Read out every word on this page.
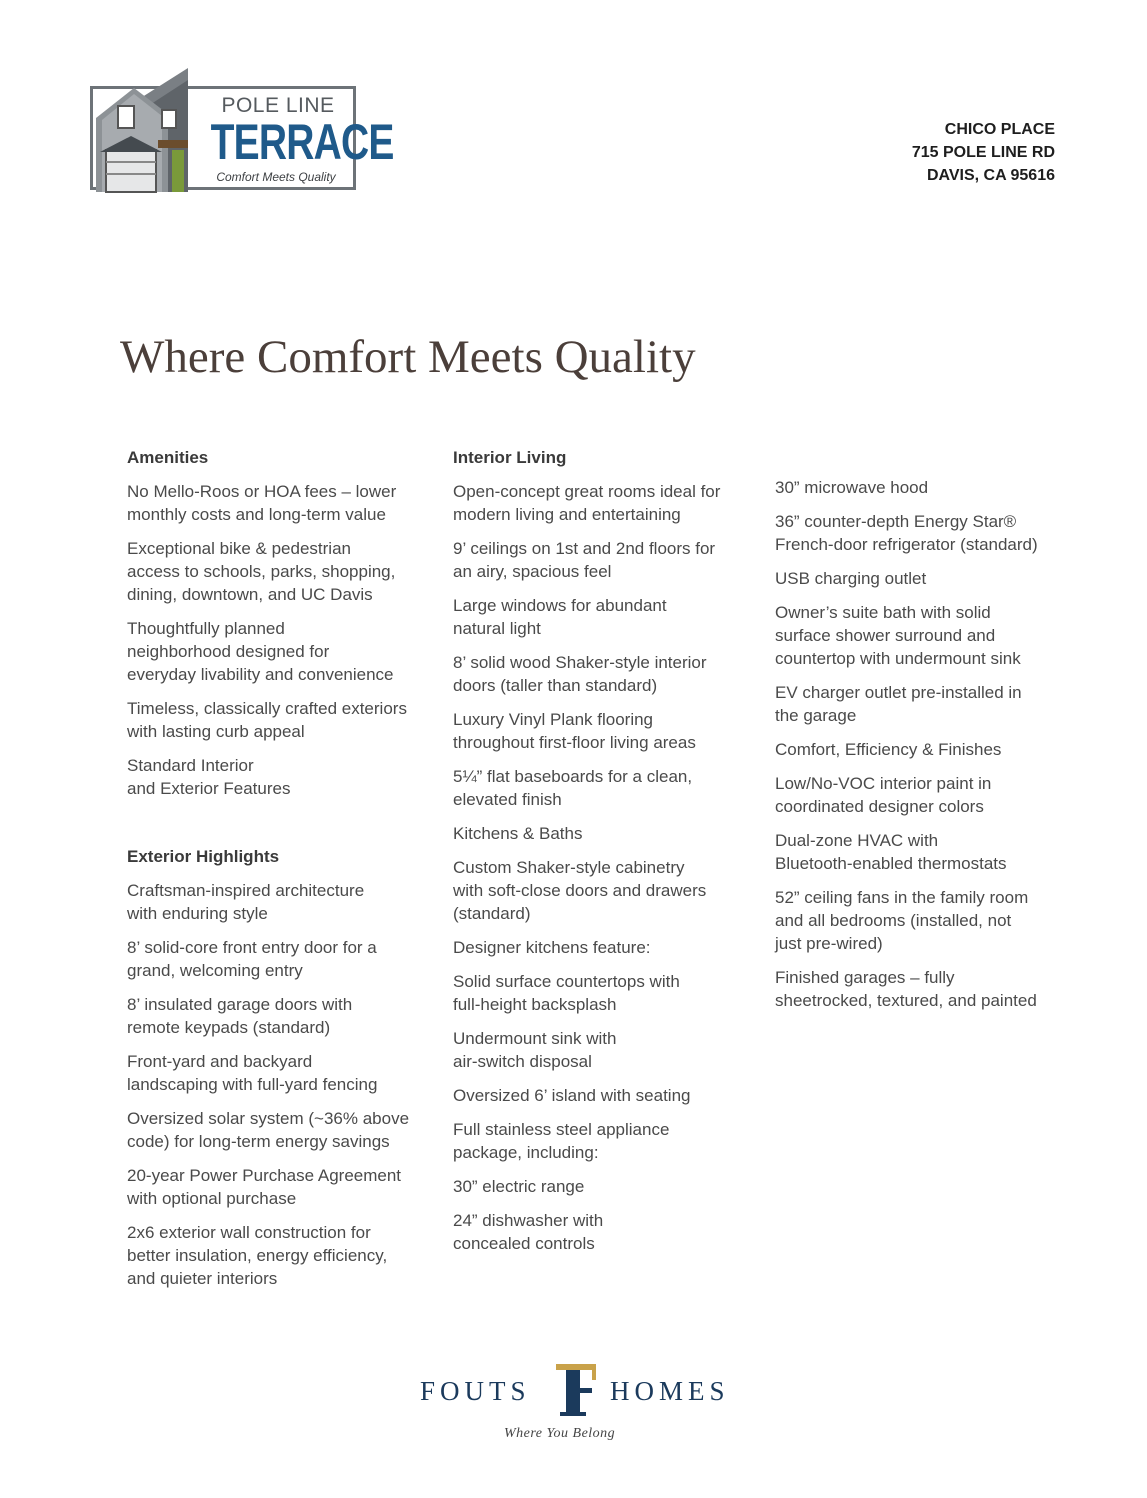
POLE LINE
TERRACE
Comfort Meets Quality
CHICO PLACE
715 POLE LINE RD
DAVIS, CA 95616
Where Comfort Meets Quality
Amenities
No Mello-Roos or HOA fees – lower
monthly costs and long-term value
Exceptional bike & pedestrian
access to schools, parks, shopping,
dining, downtown, and UC Davis
Thoughtfully planned
neighborhood designed for
everyday livability and convenience
Timeless, classically crafted exteriors
with lasting curb appeal
Standard Interior
and Exterior Features
Exterior Highlights
Craftsman-inspired architecture
with enduring style
8’ solid-core front entry door for a
grand, welcoming entry
8’ insulated garage doors with
remote keypads (standard)
Front-yard and backyard
landscaping with full-yard fencing
Oversized solar system (~36% above
code) for long-term energy savings
20-year Power Purchase Agreement
with optional purchase
2x6 exterior wall construction for
better insulation, energy efficiency,
and quieter interiors
Interior Living
Open-concept great rooms ideal for
modern living and entertaining
9’ ceilings on 1st and 2nd floors for
an airy, spacious feel
Large windows for abundant
natural light
8’ solid wood Shaker-style interior
doors (taller than standard)
Luxury Vinyl Plank flooring
throughout first-floor living areas
5¼” flat baseboards for a clean,
elevated finish
Kitchens & Baths
Custom Shaker-style cabinetry
with soft-close doors and drawers
(standard)
Designer kitchens feature:
Solid surface countertops with
full-height backsplash
Undermount sink with
air-switch disposal
Oversized 6’ island with seating
Full stainless steel appliance
package, including:
30” electric range
24” dishwasher with
concealed controls
30” microwave hood
36” counter-depth Energy Star®
French-door refrigerator (standard)
USB charging outlet
Owner’s suite bath with solid
surface shower surround and
countertop with undermount sink
EV charger outlet pre-installed in
the garage
Comfort, Efficiency & Finishes
Low/No-VOC interior paint in
coordinated designer colors
Dual-zone HVAC with
Bluetooth-enabled thermostats
52” ceiling fans in the family room
and all bedrooms (installed, not
just pre-wired)
Finished garages – fully
sheetrocked, textured, and painted
FOUTS	HOMES
Where You Belong
